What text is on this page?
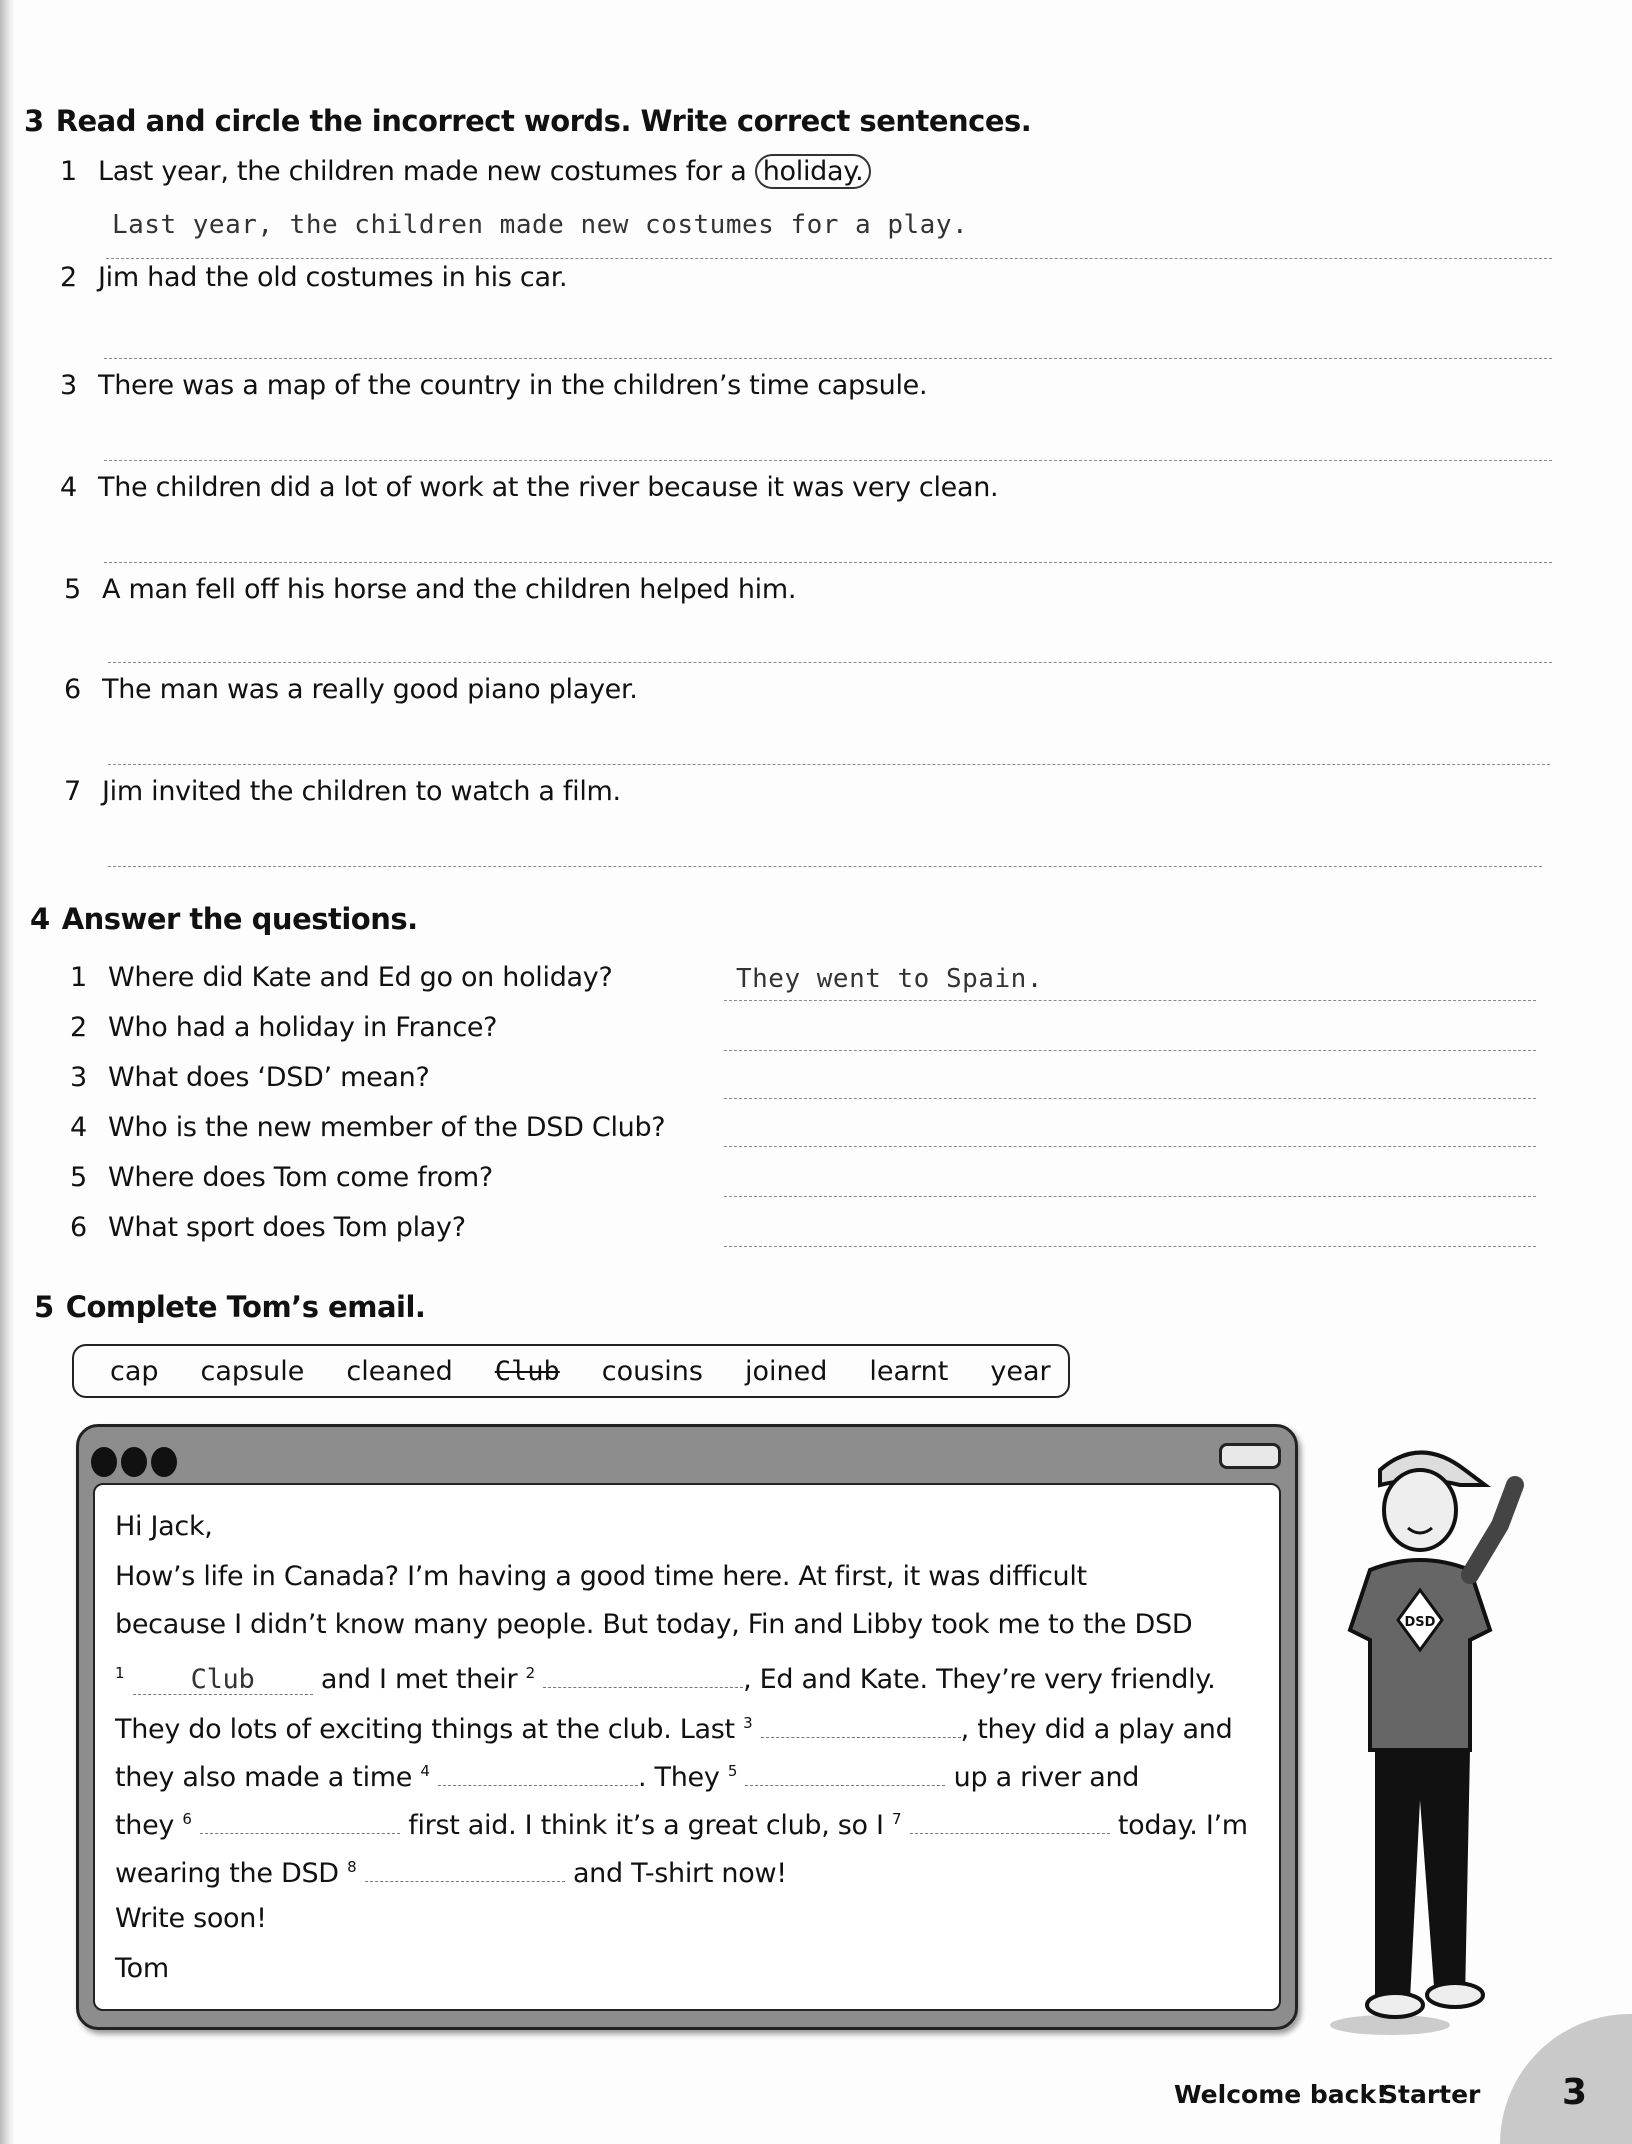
3 Read and circle the incorrect words. Write correct sentences.
1 Last year, the children made new costumes for a holiday.
Last year, the children made new costumes for a play.
2 Jim had the old costumes in his car.
3 There was a map of the country in the children’s time capsule.
4 The children did a lot of work at the river because it was very clean.
5 A man fell off his horse and the children helped him.
6 The man was a really good piano player.
7 Jim invited the children to watch a film.
4 Answer the questions.
1 Where did Kate and Ed go on holiday?	They went to Spain.
2 Who had a holiday in France?
3 What does ‘DSD’ mean?
4 Who is the new member of the DSD Club?
5 Where does Tom come from?
6 What sport does Tom play?
5 Complete Tom’s email.
cap capsule cleaned Club cousins joined learnt year
Hi Jack,
How’s life in Canada? I’m having a good time here. At first, it was difficult
because I didn’t know many people. But today, Fin and Libby took me to the DSD
$^1$ Club and I met their $^2$	, Ed and Kate. They’re very friendly.
They do lots of exciting things at the club. Last $^3$	, they did a play and
they also made a time $^4$	. They $^5$	up a river and
they $^6$	first aid. I think it’s a great club, so I $^7$	today. I’m
wearing the DSD $^8$	and T-shirt now!
Write soon!
Tom
DSD
Welcome back!
Starter 3
